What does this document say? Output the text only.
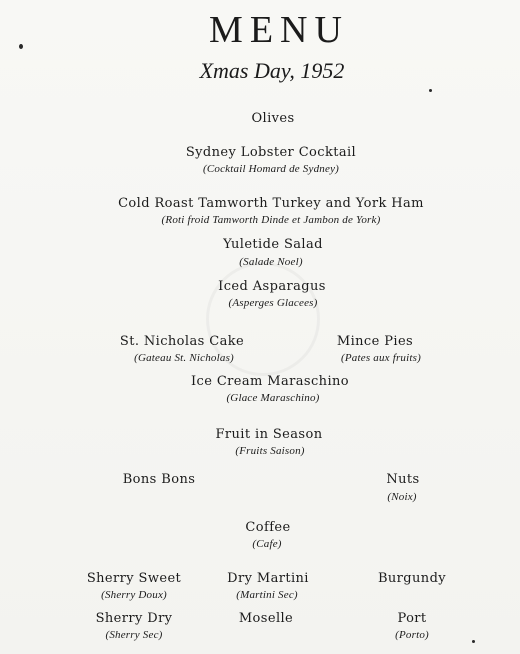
MENU
Xmas Day, 1952
Olives
Sydney Lobster Cocktail
(Cocktail Homard de Sydney)
Cold Roast Tamworth Turkey and York Ham
(Roti froid Tamworth Dinde et Jambon de York)
Yuletide Salad
(Salade Noel)
Iced Asparagus
(Asperges Glacees)
St. Nicholas Cake
(Gateau St. Nicholas)
Mince Pies
(Pates aux fruits)
Ice Cream Maraschino
(Glace Maraschino)
Fruit in Season
(Fruits Saison)
Bons Bons	Nuts
(Noix)
Coffee
(Cafe)
Sherry Sweet
(Sherry Doux)
Dry Martini
(Martini Sec)
Burgundy
Sherry Dry
(Sherry Sec)
Moselle	Port
(Porto)
